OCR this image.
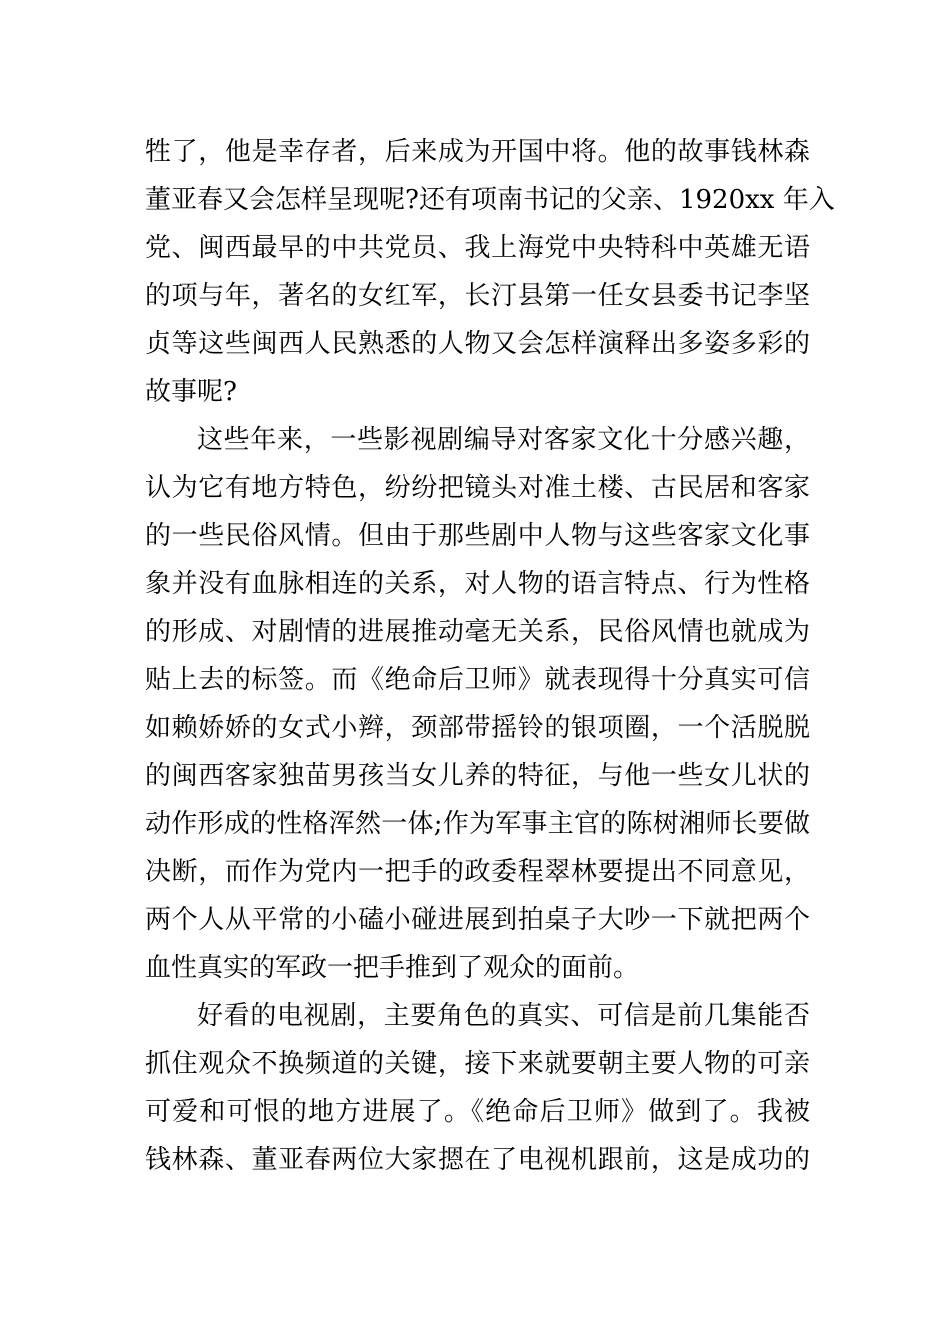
牲了，他是幸存者，后来成为开国中将。他的故事钱林森
董亚春又会怎样呈现呢?还有项南书记的父亲、1920xx 年入
党、闽西最早的中共党员、我上海党中央特科中英雄无语
的项与年，著名的女红军，长汀县第一任女县委书记李坚
贞等这些闽西人民熟悉的人物又会怎样演释出多姿多彩的
故事呢?
这些年来，一些影视剧编导对客家文化十分感兴趣，
认为它有地方特色，纷纷把镜头对准土楼、古民居和客家
的一些民俗风情。但由于那些剧中人物与这些客家文化事
象并没有血脉相连的关系，对人物的语言特点、行为性格
的形成、对剧情的进展推动毫无关系，民俗风情也就成为
贴上去的标签。而《绝命后卫师》就表现得十分真实可信
如赖娇娇的女式小辫，颈部带摇铃的银项圈，一个活脱脱
的闽西客家独苗男孩当女儿养的特征，与他一些女儿状的
动作形成的性格浑然一体;作为军事主官的陈树湘师长要做
决断，而作为党内一把手的政委程翠林要提出不同意见，
两个人从平常的小磕小碰进展到拍桌子大吵一下就把两个
血性真实的军政一把手推到了观众的面前。
好看的电视剧，主要角色的真实、可信是前几集能否
抓住观众不换频道的关键，接下来就要朝主要人物的可亲
可爱和可恨的地方进展了。《绝命后卫师》做到了。我被
钱林森、董亚春两位大家摁在了电视机跟前，这是成功的
